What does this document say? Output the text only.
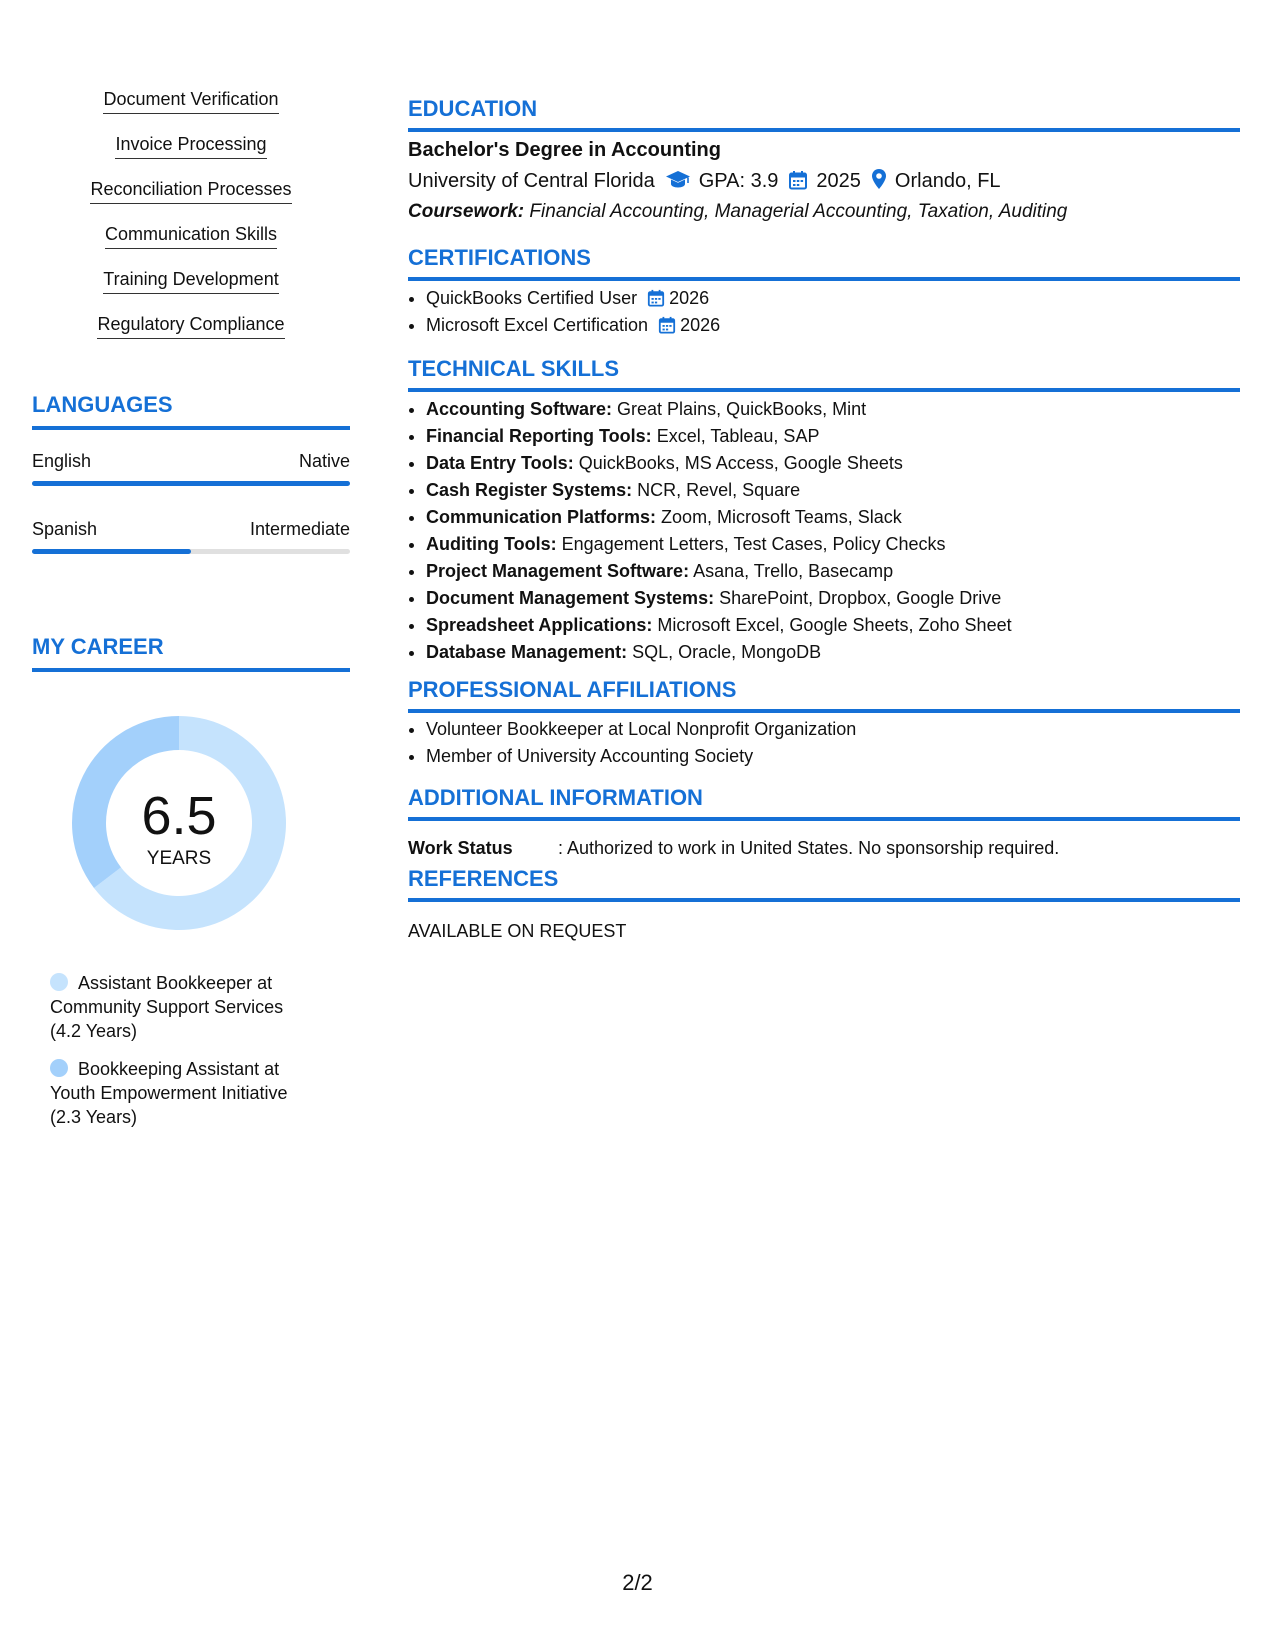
Document Verification
Invoice Processing
Reconciliation Processes
Communication Skills
Training Development
Regulatory Compliance
LANGUAGES
English	Native
Spanish	Intermediate
MY CAREER
6.5
YEARS
Assistant Bookkeeper at Community Support Services
(4.2 Years)
Bookkeeping Assistant at Youth Empowerment Initiative
(2.3 Years)
EDUCATION
Bachelor's Degree in Accounting
University of Central Florida GPA: 3.9 2025 Orlando, FL
Coursework: Financial Accounting, Managerial Accounting, Taxation, Auditing
CERTIFICATIONS
• QuickBooks Certified User 2026
• Microsoft Excel Certification 2026
TECHNICAL SKILLS
• Accounting Software: Great Plains, QuickBooks, Mint
• Financial Reporting Tools: Excel, Tableau, SAP
• Data Entry Tools: QuickBooks, MS Access, Google Sheets
• Cash Register Systems: NCR, Revel, Square
• Communication Platforms: Zoom, Microsoft Teams, Slack
• Auditing Tools: Engagement Letters, Test Cases, Policy Checks
• Project Management Software: Asana, Trello, Basecamp
• Document Management Systems: SharePoint, Dropbox, Google Drive
• Spreadsheet Applications: Microsoft Excel, Google Sheets, Zoho Sheet
• Database Management: SQL, Oracle, MongoDB
PROFESSIONAL AFFILIATIONS
• Volunteer Bookkeeper at Local Nonprofit Organization
• Member of University Accounting Society
ADDITIONAL INFORMATION
Work Status	: Authorized to work in United States. No sponsorship required.
REFERENCES
AVAILABLE ON REQUEST
2/2
